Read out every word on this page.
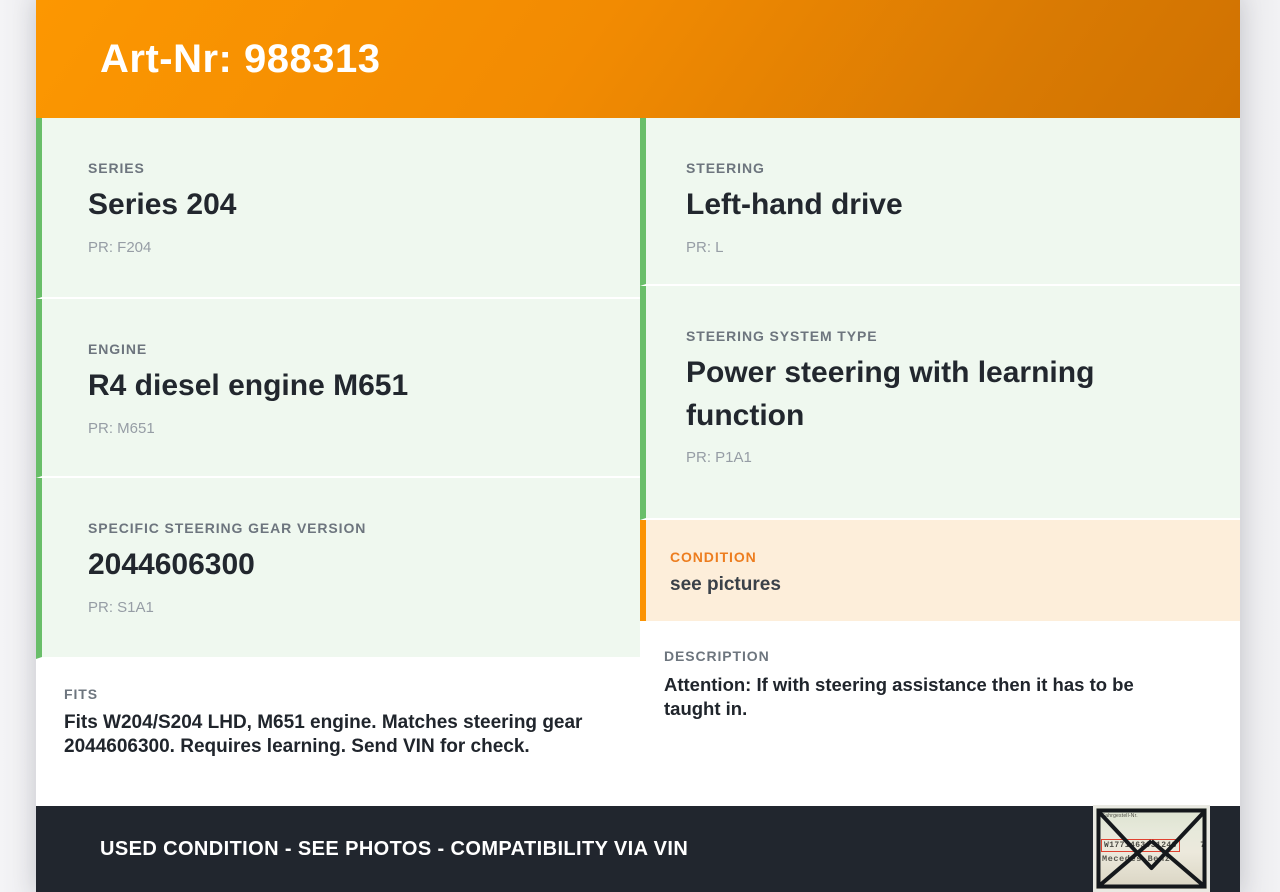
Art-Nr: 988313
SERIES
Series 204
PR: F204
ENGINE
R4 diesel engine M651
PR: M651
SPECIFIC STEERING GEAR VERSION
2044606300
PR: S1A1
FITS
Fits W204/S204 LHD, M651 engine. Matches steering gear 2044606300. Requires learning. Send VIN for check.
STEERING
Left-hand drive
PR: L
STEERING SYSTEM TYPE
Power steering with learning function
PR: P1A1
CONDITION
see pictures
DESCRIPTION
Attention: If with steering assistance then it has to be taught in.
USED CONDITION - SEE PHOTOS - COMPATIBILITY VIA VIN
Fahrgestell-Nr.
W1771463J31248	7
Mecedes-Benz
